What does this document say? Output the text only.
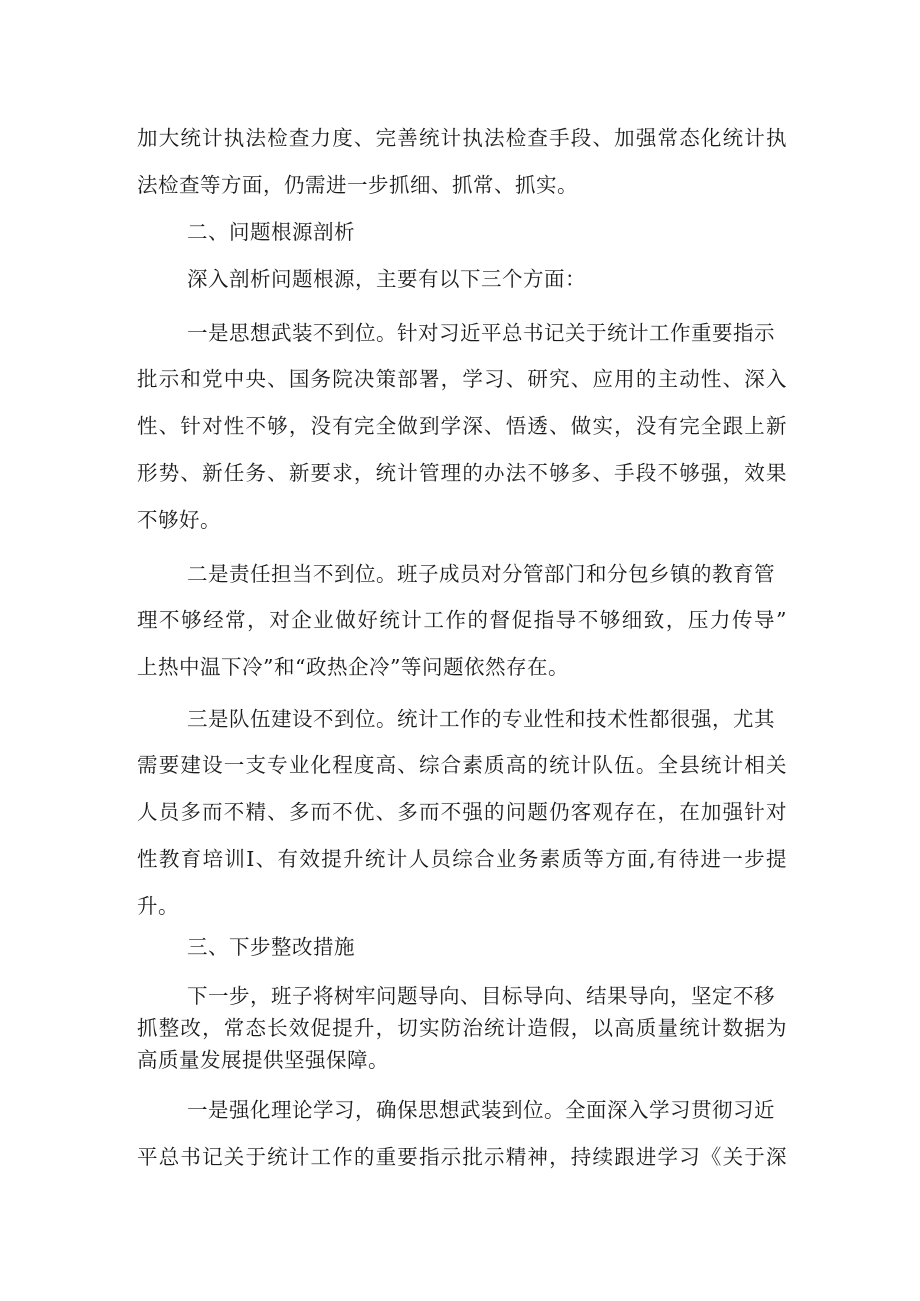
加大统计执法检查力度、完善统计执法检查手段、加强常态化统计执
法检查等方面，仍需进一步抓细、抓常、抓实。
二、问题根源剖析
深入剖析问题根源，主要有以下三个方面：
一是思想武装不到位。针对习近平总书记关于统计工作重要指示
批示和党中央、国务院决策部署，学习、研究、应用的主动性、深入
性、针对性不够，没有完全做到学深、悟透、做实，没有完全跟上新
形势、新任务、新要求，统计管理的办法不够多、手段不够强，效果
不够好。
二是责任担当不到位。班子成员对分管部门和分包乡镇的教育管
理不够经常，对企业做好统计工作的督促指导不够细致，压力传导”
上热中温下冷”和“政热企冷”等问题依然存在。
三是队伍建设不到位。统计工作的专业性和技术性都很强，尤其
需要建设一支专业化程度高、综合素质高的统计队伍。全县统计相关
人员多而不精、多而不优、多而不强的问题仍客观存在，在加强针对
性教育培训I、有效提升统计人员综合业务素质等方面,有待进一步提
升。
三、下步整改措施
下一步，班子将树牢问题导向、目标导向、结果导向，坚定不移
抓整改，常态长效促提升，切实防治统计造假，以高质量统计数据为
高质量发展提供坚强保障。
一是强化理论学习，确保思想武装到位。全面深入学习贯彻习近
平总书记关于统计工作的重要指示批示精神，持续跟进学习《关于深
